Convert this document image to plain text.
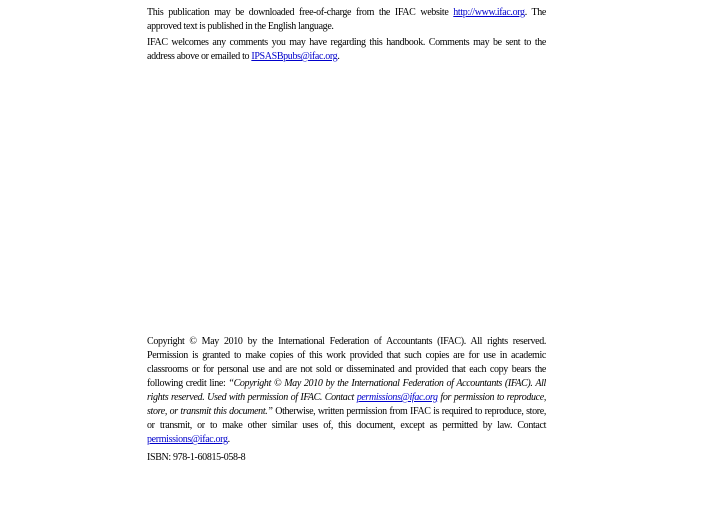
This publication may be downloaded free-of-charge from the IFAC website http://www.ifac.org. The approved text is published in the English language.

IFAC welcomes any comments you may have regarding this handbook. Comments may be sent to the address above or emailed to IPSASBpubs@ifac.org.

Copyright © May 2010 by the International Federation of Accountants (IFAC). All rights reserved. Permission is granted to make copies of this work provided that such copies are for use in academic classrooms or for personal use and are not sold or disseminated and provided that each copy bears the following credit line: “Copyright © May 2010 by the International Federation of Accountants (IFAC). All rights reserved. Used with permission of IFAC. Contact permissions@ifac.org for permission to reproduce, store, or transmit this document.” Otherwise, written permission from IFAC is required to reproduce, store, or transmit, or to make other similar uses of, this document, except as permitted by law. Contact permissions@ifac.org.

ISBN: 978-1-60815-058-8
